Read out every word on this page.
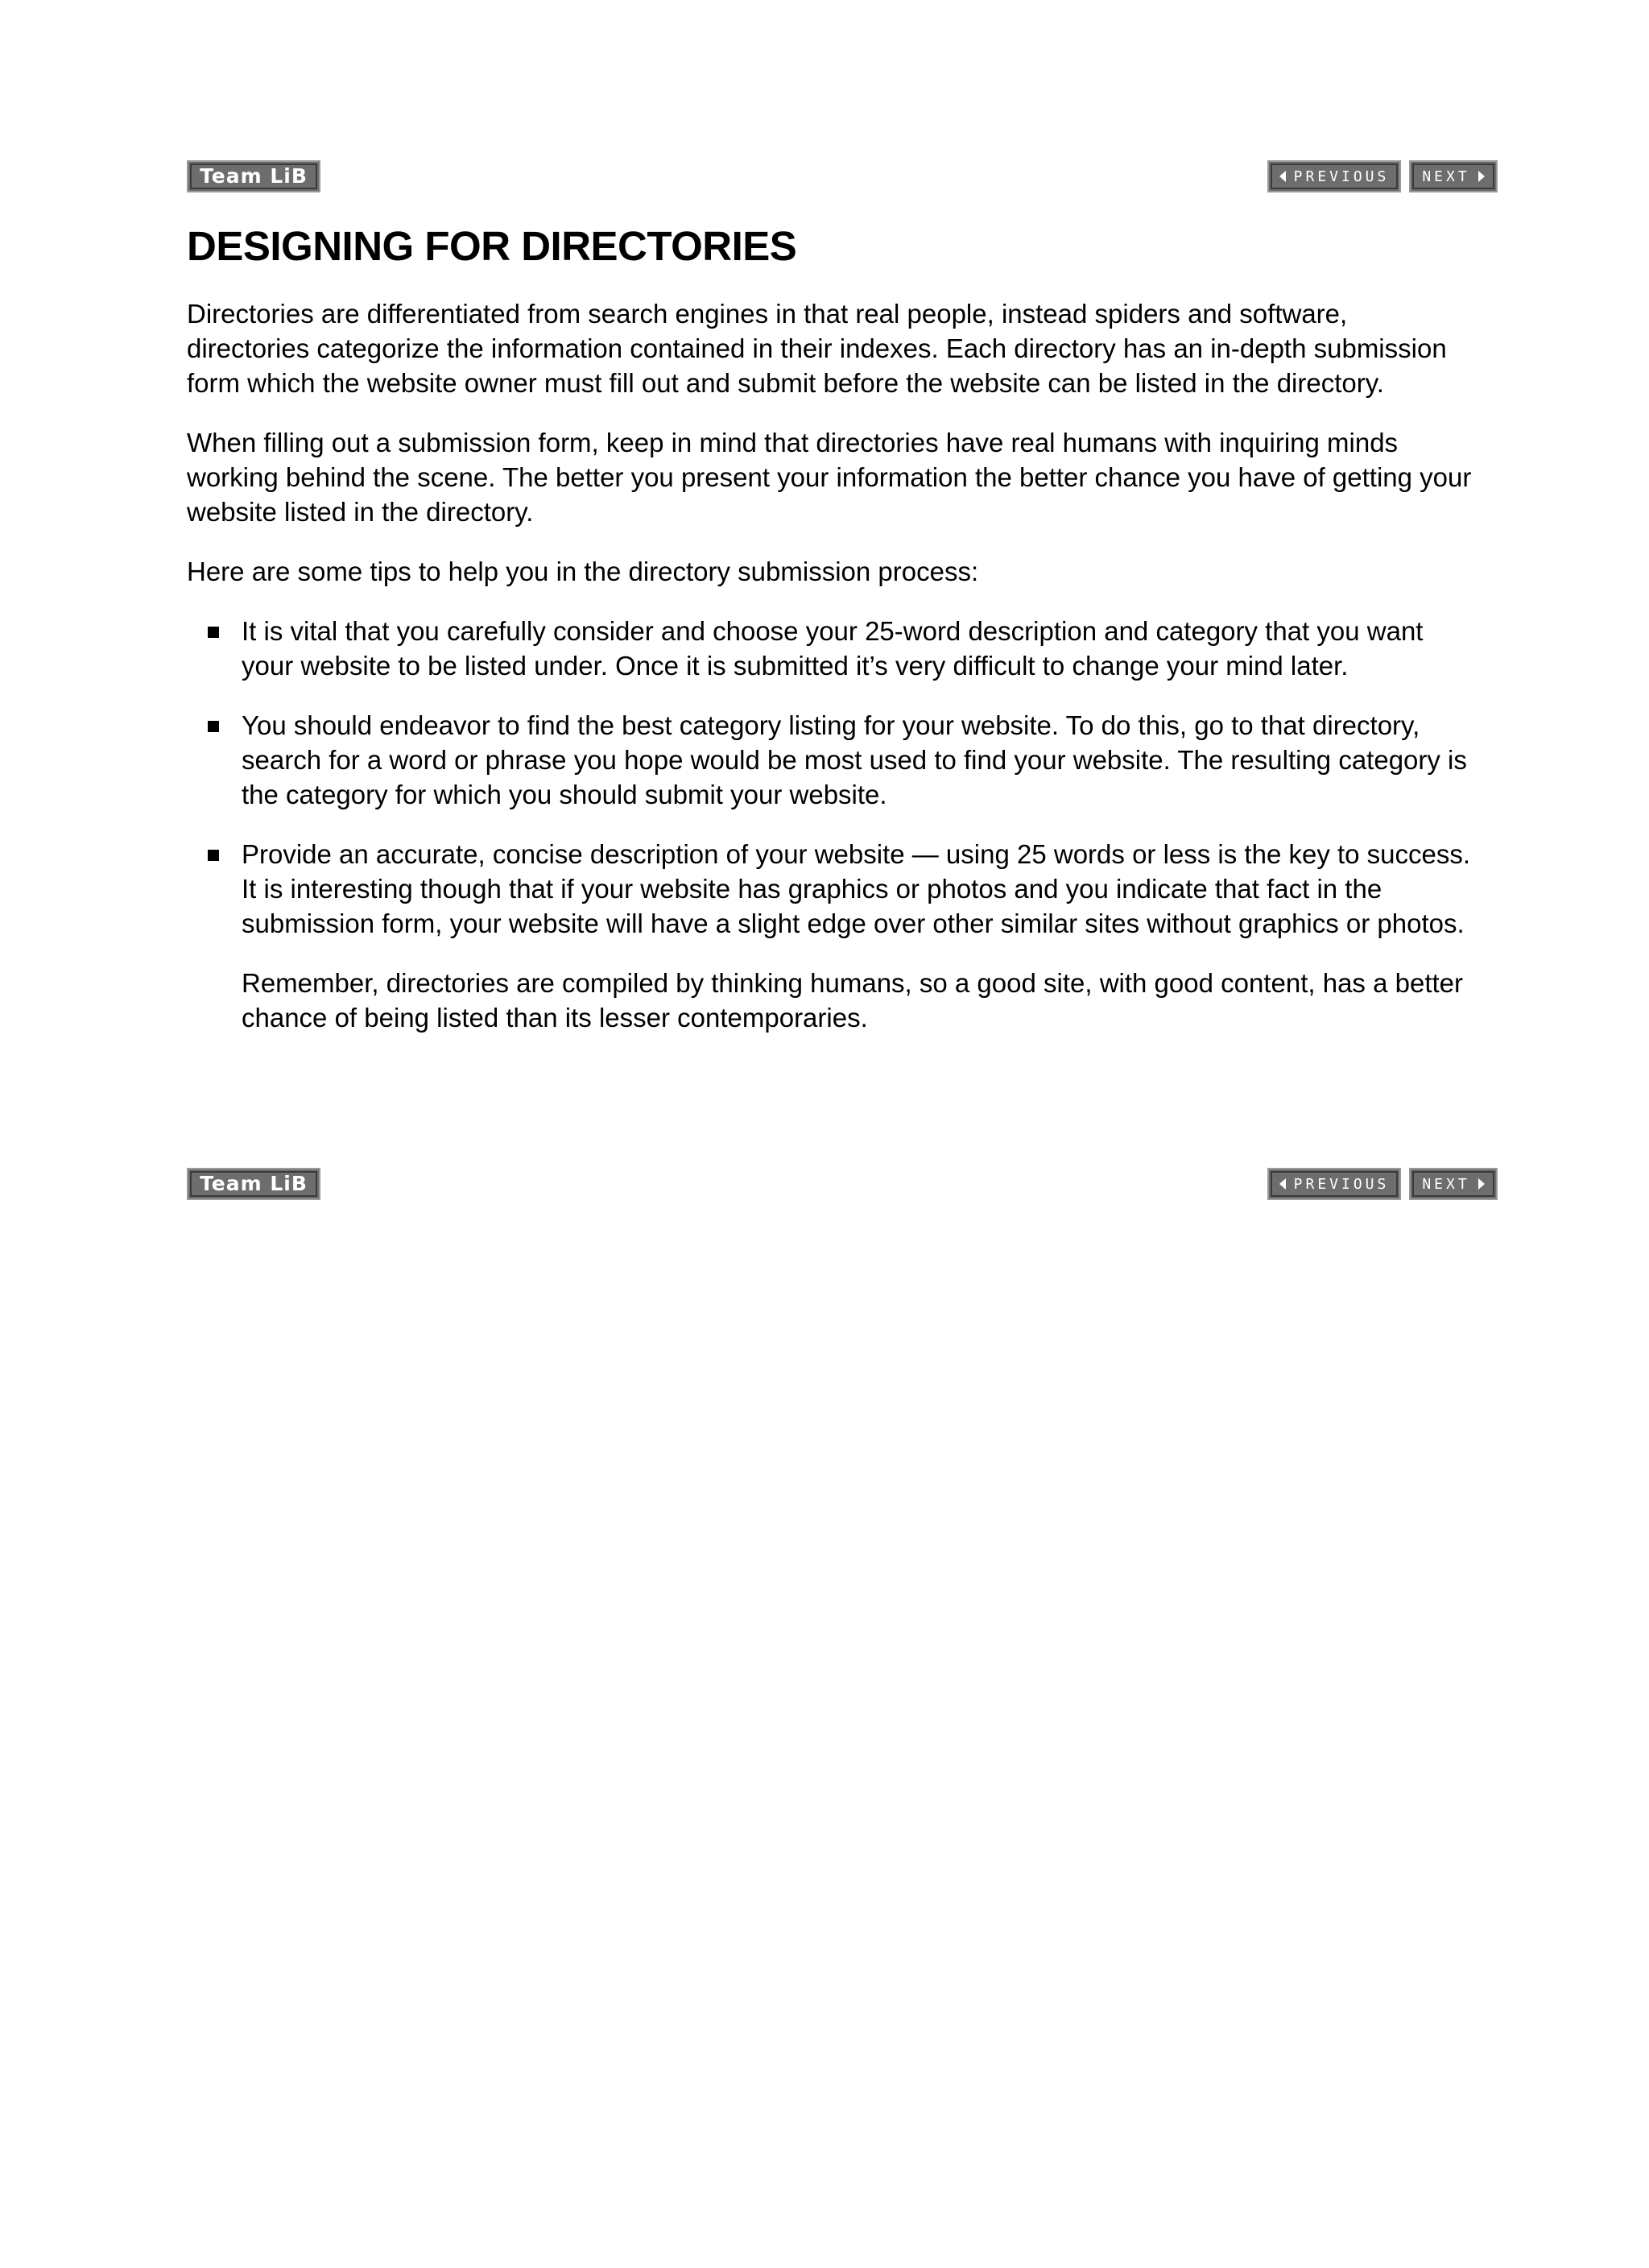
Team LiB	PREVIOUS NEXT
DESIGNING FOR DIRECTORIES

Directories are differentiated from search engines in that real people, instead spiders and software, directories categorize the information contained in their indexes. Each directory has an in-depth submission form which the website owner must fill out and submit before the website can be listed in the directory.

When filling out a submission form, keep in mind that directories have real humans with inquiring minds working behind the scene. The better you present your information the better chance you have of getting your website listed in the directory.

Here are some tips to help you in the directory submission process:

It is vital that you carefully consider and choose your 25-word description and category that you want your website to be listed under. Once it is submitted it’s very difficult to change your mind later.
You should endeavor to find the best category listing for your website. To do this, go to that directory, search for a word or phrase you hope would be most used to find your website. The resulting category is the category for which you should submit your website.
Provide an accurate, concise description of your website — using 25 words or less is the key to success. It is interesting though that if your website has graphics or photos and you indicate that fact in the submission form, your website will have a slight edge over other similar sites without graphics or photos.

Remember, directories are compiled by thinking humans, so a good site, with good content, has a better chance of being listed than its lesser contemporaries.

Team LiB	PREVIOUS NEXT
